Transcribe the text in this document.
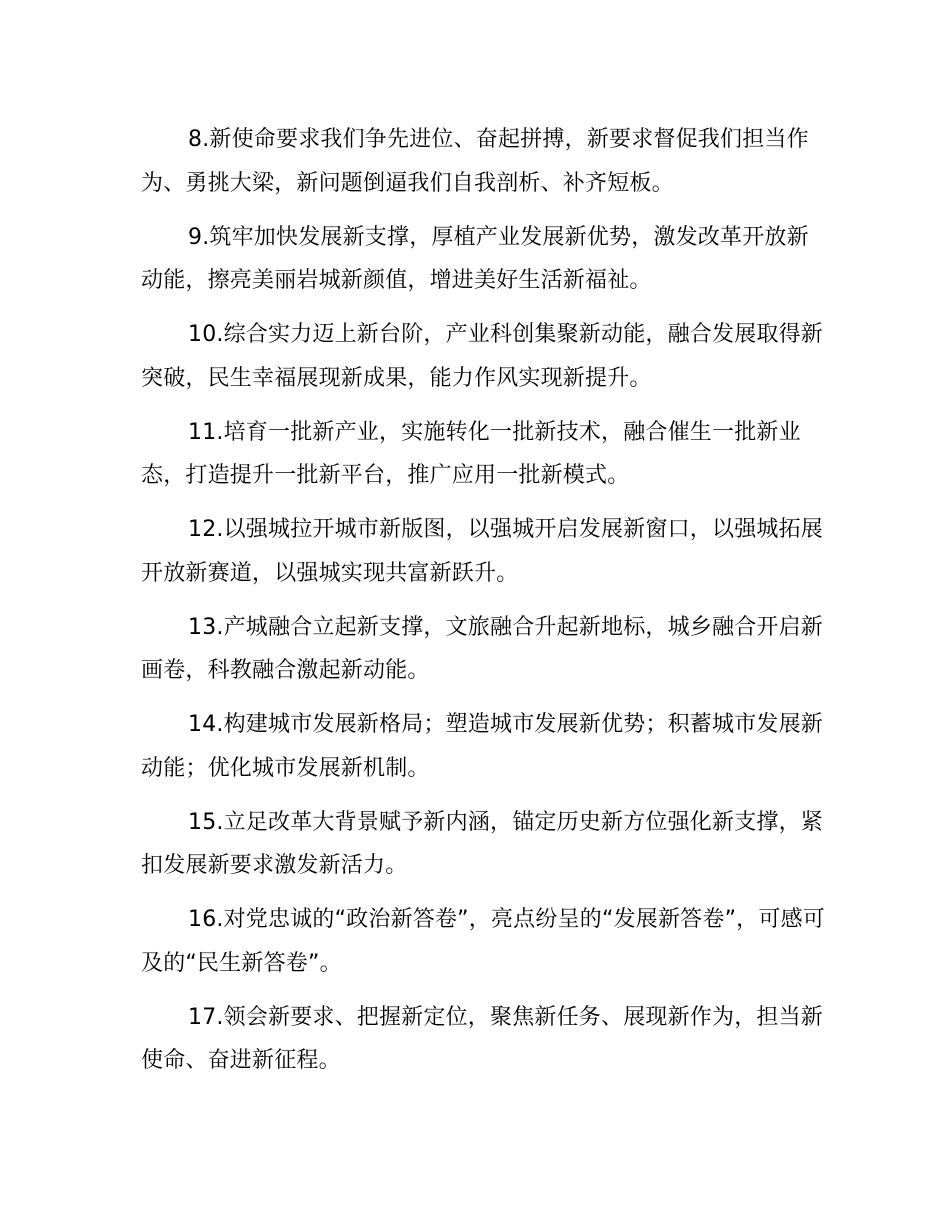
8.新使命要求我们争先进位、奋起拼搏，新要求督促我们担当作为、勇挑大梁，新问题倒逼我们自我剖析、补齐短板。

9.筑牢加快发展新支撑，厚植产业发展新优势，激发改革开放新动能，擦亮美丽岩城新颜值，增进美好生活新福祉。

10.综合实力迈上新台阶，产业科创集聚新动能，融合发展取得新突破，民生幸福展现新成果，能力作风实现新提升。

11.培育一批新产业，实施转化一批新技术，融合催生一批新业态，打造提升一批新平台，推广应用一批新模式。

12.以强城拉开城市新版图，以强城开启发展新窗口，以强城拓展开放新赛道，以强城实现共富新跃升。

13.产城融合立起新支撑，文旅融合升起新地标，城乡融合开启新画卷，科教融合激起新动能。

14.构建城市发展新格局；塑造城市发展新优势；积蓄城市发展新动能；优化城市发展新机制。

15.立足改革大背景赋予新内涵，锚定历史新方位强化新支撑，紧扣发展新要求激发新活力。

16.对党忠诚的“政治新答卷”，亮点纷呈的“发展新答卷”，可感可及的“民生新答卷”。

17.领会新要求、把握新定位，聚焦新任务、展现新作为，担当新使命、奋进新征程。
